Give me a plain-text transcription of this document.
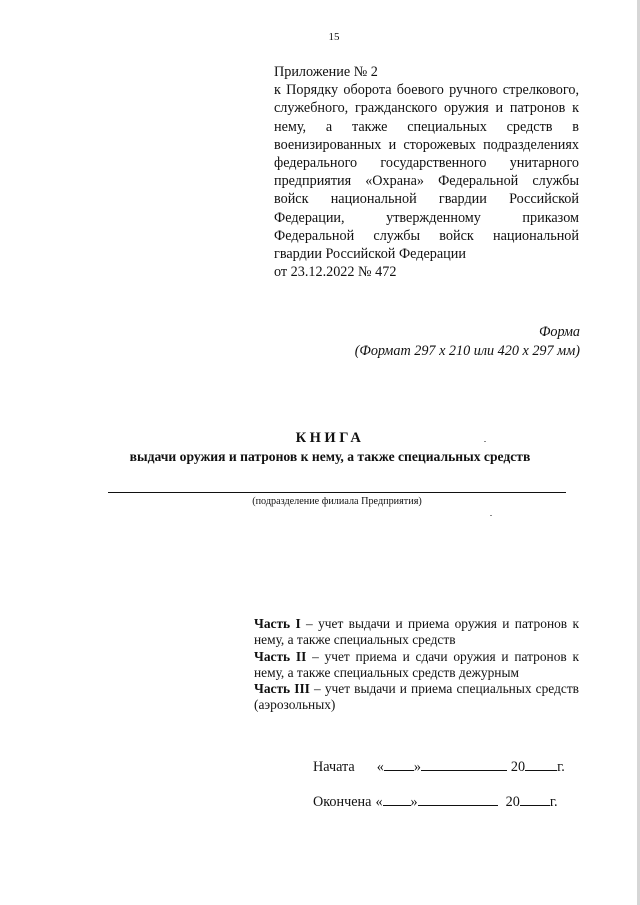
15
Приложение № 2
к Порядку оборота боевого ручного стрелкового, служебного, гражданского оружия и патронов к нему, а также специальных средств в военизированных и сторожевых подразделениях федерального государственного унитарного предприятия «Охрана» Федеральной службы войск национальной гвардии Российской Федерации, утвержденному приказом Федеральной службы войск национальной гвардии Российской Федерации
от 23.12.2022 № 472
Форма
(Формат 297 х 210 или 420 х 297 мм)
КНИГА
выдачи оружия и патронов к нему, а также специальных средств
(подразделение филиала Предприятия)

Часть I – учет выдачи и приема оружия и патронов к нему, а также специальных средств

Часть II – учет приема и сдачи оружия и патронов к нему, а также специальных средств дежурным

Часть III – учет выдачи и приема специальных средств (аэрозольных)

Начата « »	20 г.
Окончена « »	20 г.
